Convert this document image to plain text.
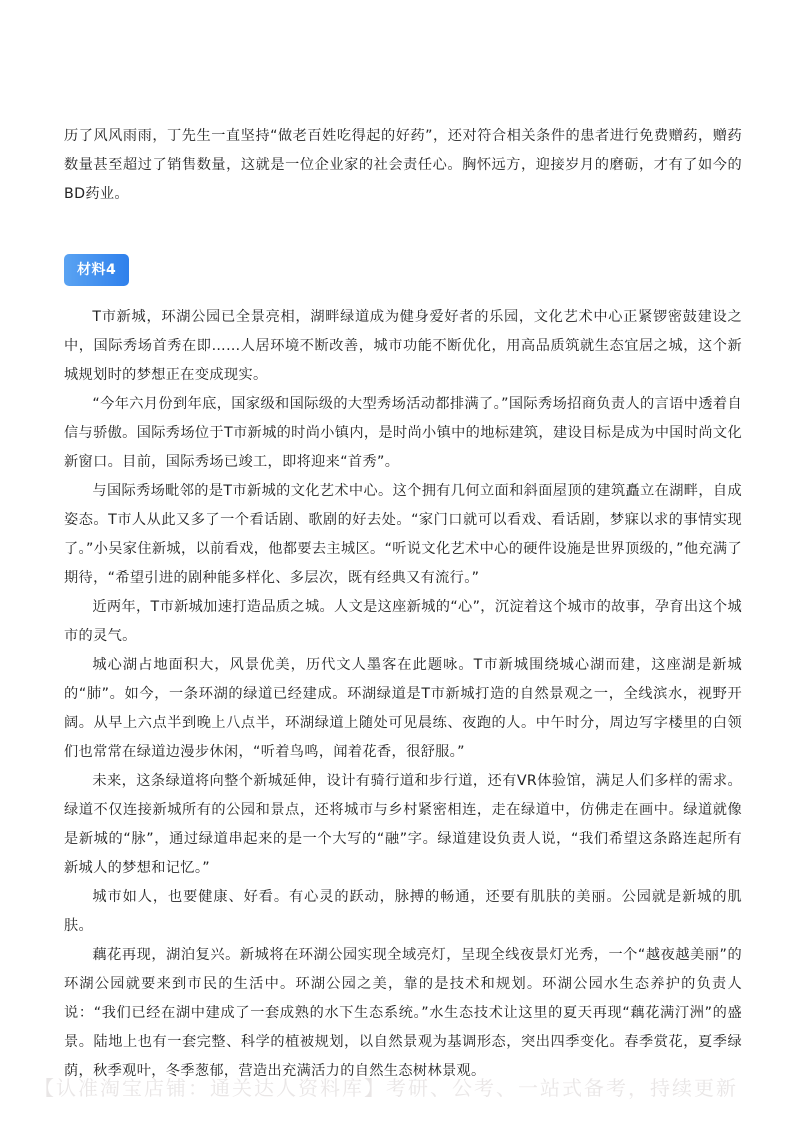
历了风风雨雨，丁先生一直坚持“做老百姓吃得起的好药”，还对符合相关条件的患者进行免费赠药，赠药数量甚至超过了销售数量，这就是一位企业家的社会责任心。胸怀远方，迎接岁月的磨砺，才有了如今的BD药业。

材料4

T市新城，环湖公园已全景亮相，湖畔绿道成为健身爱好者的乐园，文化艺术中心正紧锣密鼓建设之中，国际秀场首秀在即……人居环境不断改善，城市功能不断优化，用高品质筑就生态宜居之城，这个新城规划时的梦想正在变成现实。

“今年六月份到年底，国家级和国际级的大型秀场活动都排满了。”国际秀场招商负责人的言语中透着自信与骄傲。国际秀场位于T市新城的时尚小镇内，是时尚小镇中的地标建筑，建设目标是成为中国时尚文化新窗口。目前，国际秀场已竣工，即将迎来“首秀”。

与国际秀场毗邻的是T市新城的文化艺术中心。这个拥有几何立面和斜面屋顶的建筑矗立在湖畔，自成姿态。T市人从此又多了一个看话剧、歌剧的好去处。“家门口就可以看戏、看话剧，梦寐以求的事情实现了。”小吴家住新城，以前看戏，他都要去主城区。“听说文化艺术中心的硬件设施是世界顶级的，”他充满了期待，“希望引进的剧种能多样化、多层次，既有经典又有流行。”

近两年，T市新城加速打造品质之城。人文是这座新城的“心”，沉淀着这个城市的故事，孕育出这个城市的灵气。

城心湖占地面积大，风景优美，历代文人墨客在此题咏。T市新城围绕城心湖而建，这座湖是新城的“肺”。如今，一条环湖的绿道已经建成。环湖绿道是T市新城打造的自然景观之一，全线滨水，视野开阔。从早上六点半到晚上八点半，环湖绿道上随处可见晨练、夜跑的人。中午时分，周边写字楼里的白领们也常常在绿道边漫步休闲，“听着鸟鸣，闻着花香，很舒服。”

未来，这条绿道将向整个新城延伸，设计有骑行道和步行道，还有VR体验馆，满足人们多样的需求。绿道不仅连接新城所有的公园和景点，还将城市与乡村紧密相连，走在绿道中，仿佛走在画中。绿道就像是新城的“脉”，通过绿道串起来的是一个大写的“融”字。绿道建设负责人说，“我们希望这条路连起所有新城人的梦想和记忆。”

城市如人，也要健康、好看。有心灵的跃动，脉搏的畅通，还要有肌肤的美丽。公园就是新城的肌肤。

藕花再现，湖泊复兴。新城将在环湖公园实现全域亮灯，呈现全线夜景灯光秀，一个“越夜越美丽”的环湖公园就要来到市民的生活中。环湖公园之美，靠的是技术和规划。环湖公园水生态养护的负责人说：“我们已经在湖中建成了一套成熟的水下生态系统。”水生态技术让这里的夏天再现“藕花满汀洲”的盛景。陆地上也有一套完整、科学的植被规划，以自然景观为基调形态，突出四季变化。春季赏花，夏季绿荫，秋季观叶，冬季葱郁，营造出充满活力的自然生态树林景观。

【认准淘宝店铺：通关达人资料库】考研、公考、一站式备考，持续更新
